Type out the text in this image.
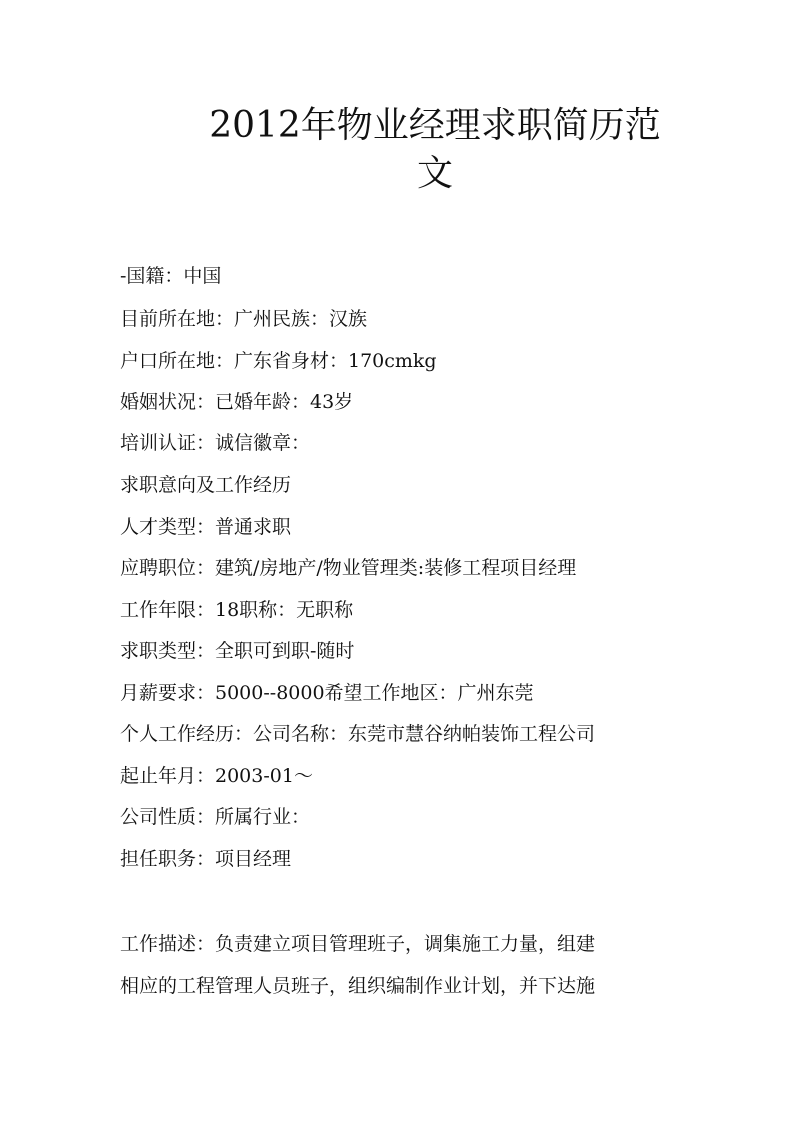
2012年物业经理求职简历范
文
-国籍：中国
目前所在地：广州民族：汉族
户口所在地：广东省身材：170cmkg
婚姻状况：已婚年龄：43岁
培训认证：诚信徽章：
求职意向及工作经历
人才类型：普通求职
应聘职位：建筑/房地产/物业管理类:装修工程项目经理
工作年限：18职称：无职称
求职类型：全职可到职-随时
月薪要求：5000--8000希望工作地区：广州东莞
个人工作经历：公司名称：东莞市慧谷纳帕装饰工程公司
起止年月：2003-01～
公司性质：所属行业：
担任职务：项目经理
工作描述：负责建立项目管理班子，调集施工力量，组建
相应的工程管理人员班子，组织编制作业计划，并下达施
